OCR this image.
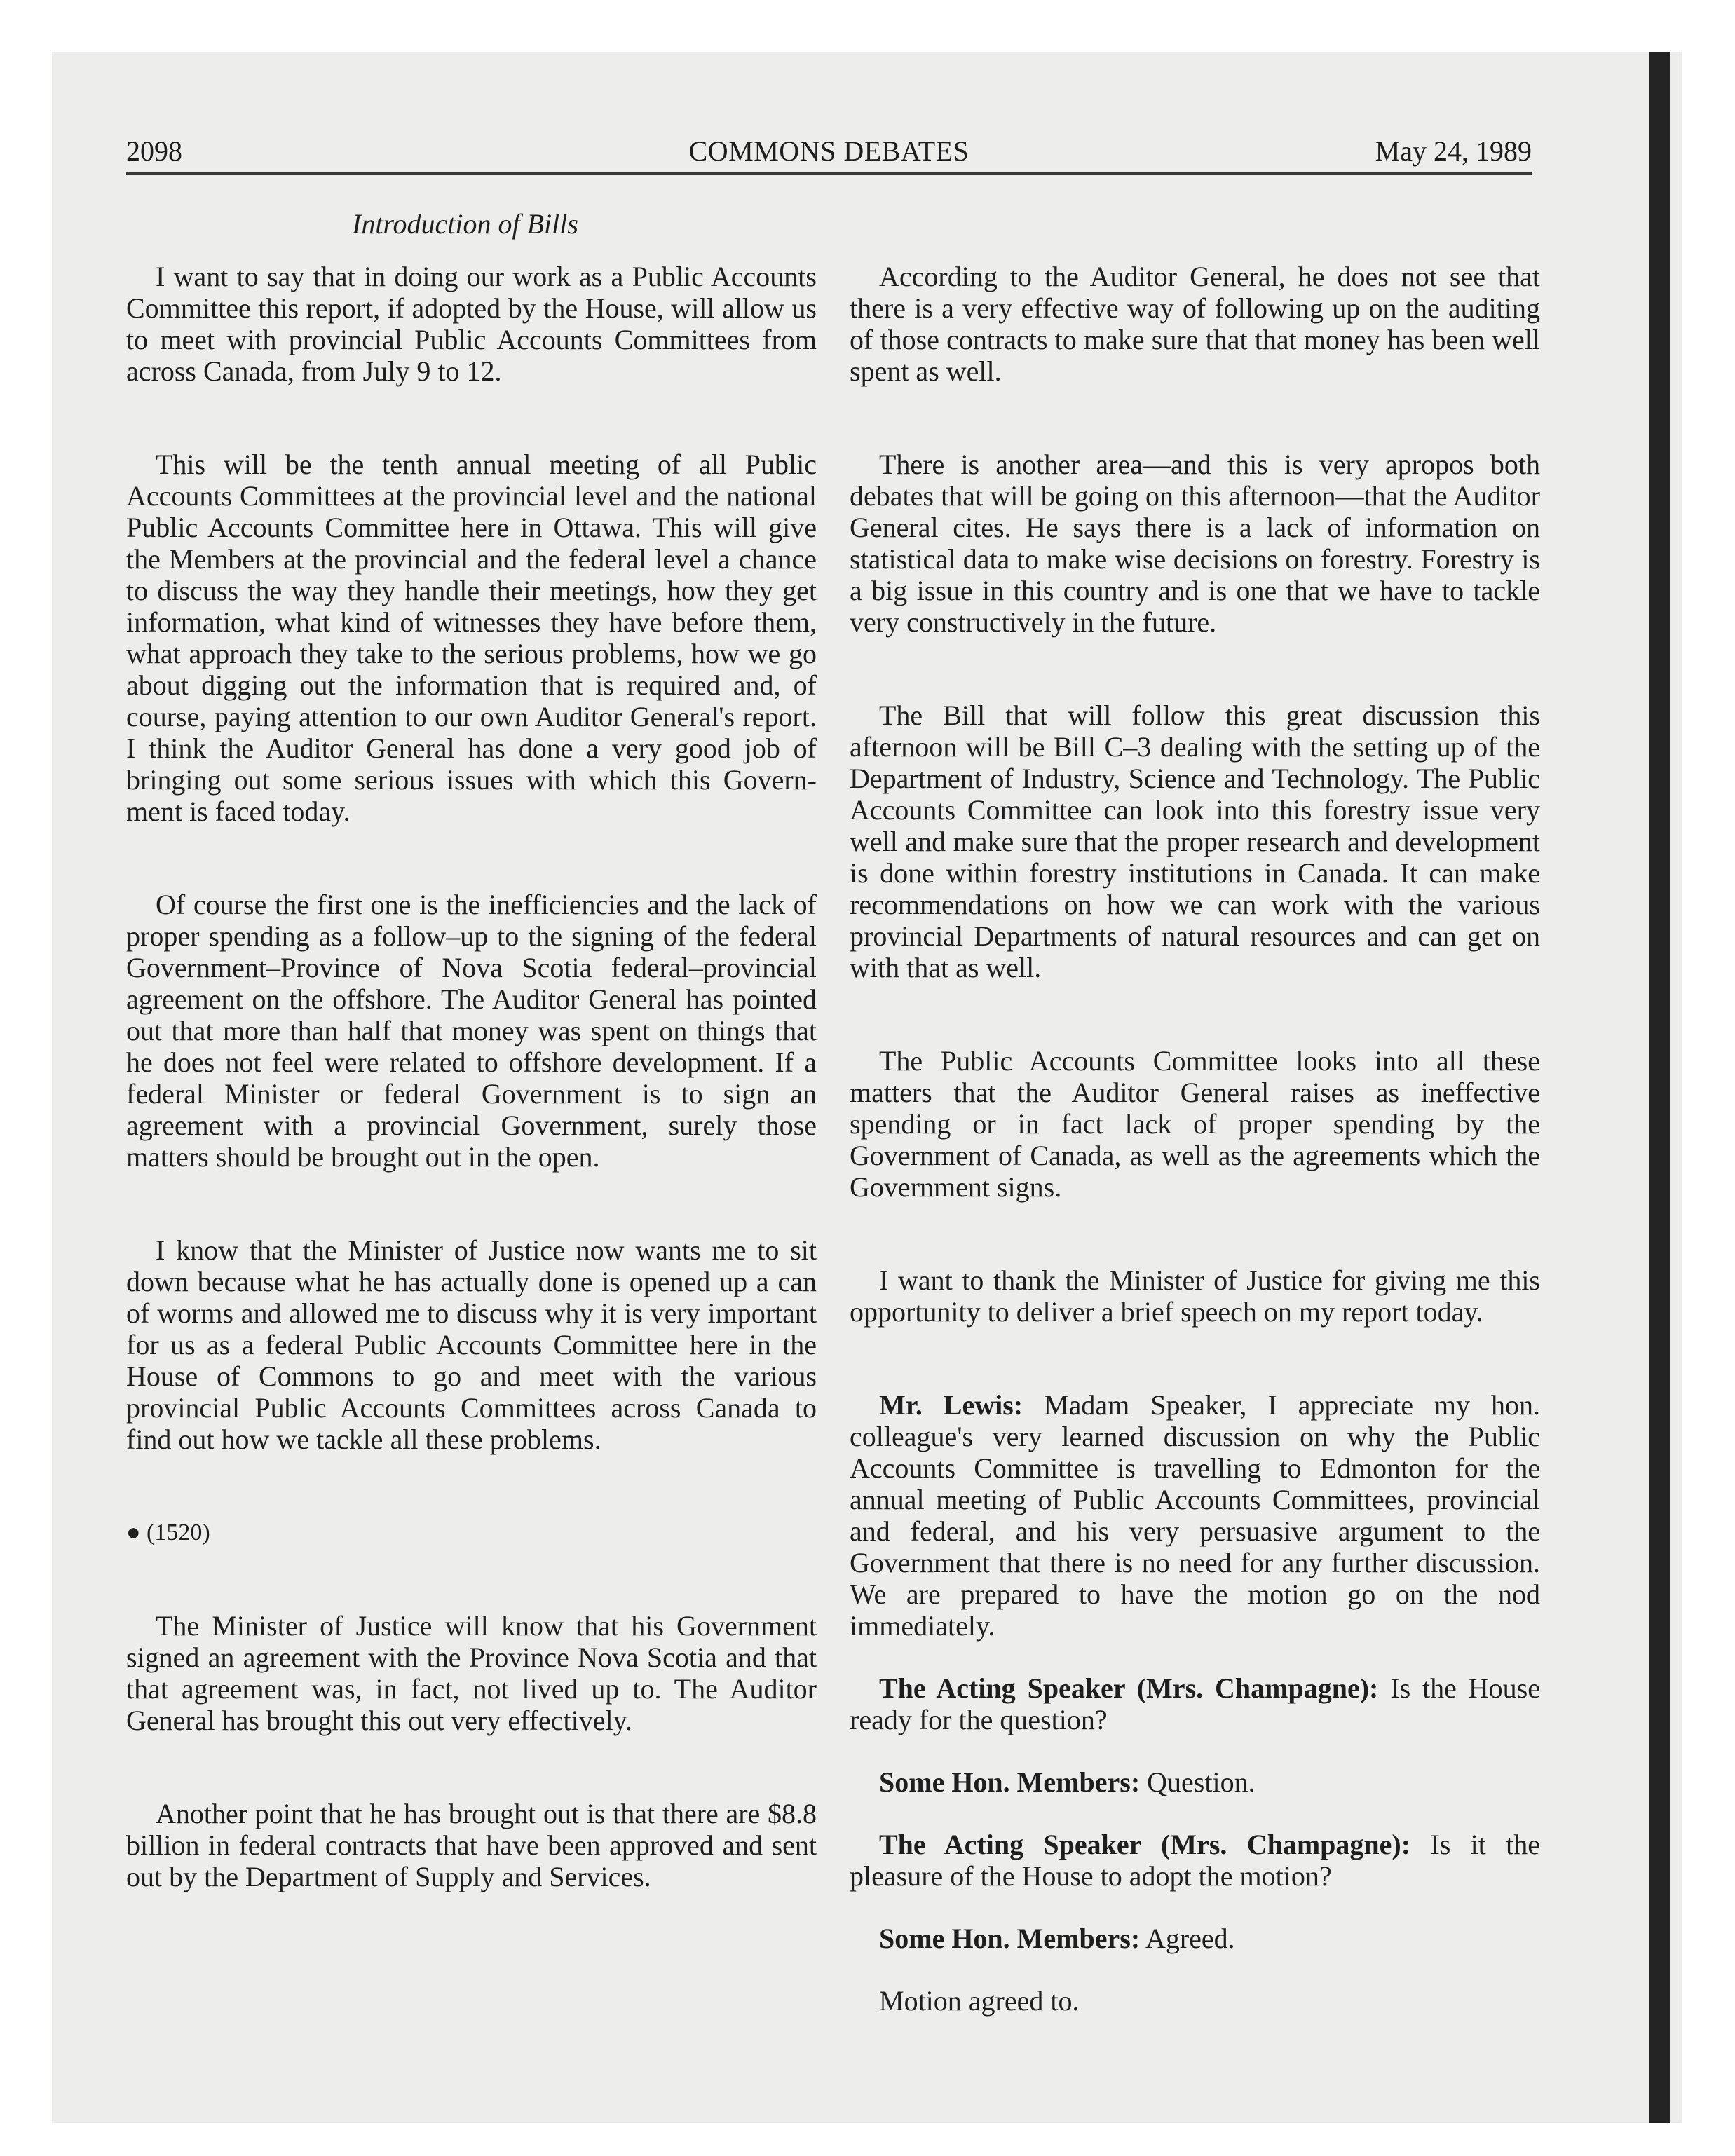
2098	COMMONS DEBATES	May 24, 1989
Introduction of Bills

I want to say that in doing our work as a Public Accounts Committee this report, if adopted by the House, will allow us to meet with provincial Public Accounts Committees from across Canada, from July 9 to 12.

This will be the tenth annual meeting of all Public Accounts Committees at the provincial level and the national Public Accounts Committee here in Ottawa. This will give the Members at the provincial and the federal level a chance to discuss the way they handle their meetings, how they get information, what kind of witnesses they have before them, what approach they take to the serious problems, how we go about digging out the information that is required and, of course, paying attention to our own Auditor General's report. I think the Auditor General has done a very good job of bringing out some serious issues with which this Government is faced today.

Of course the first one is the inefficiencies and the lack of proper spending as a follow–up to the signing of the federal Government–Province of Nova Scotia federal–provincial agreement on the offshore. The Auditor General has pointed out that more than half that money was spent on things that he does not feel were related to offshore development. If a federal Minister or federal Government is to sign an agreement with a provincial Government, surely those matters should be brought out in the open.

I know that the Minister of Justice now wants me to sit down because what he has actually done is opened up a can of worms and allowed me to discuss why it is very important for us as a federal Public Accounts Committee here in the House of Commons to go and meet with the various provincial Public Accounts Committees across Canada to find out how we tackle all these problems.

● (1520)

The Minister of Justice will know that his Government signed an agreement with the Province Nova Scotia and that that agreement was, in fact, not lived up to. The Auditor General has brought this out very effectively.

Another point that he has brought out is that there are $8.8 billion in federal contracts that have been approved and sent out by the Department of Supply and Services.

According to the Auditor General, he does not see that there is a very effective way of following up on the auditing of those contracts to make sure that that money has been well spent as well.

There is another area—and this is very apropos both debates that will be going on this afternoon—that the Auditor General cites. He says there is a lack of information on statistical data to make wise decisions on forestry. Forestry is a big issue in this country and is one that we have to tackle very constructively in the future.

The Bill that will follow this great discussion this afternoon will be Bill C–3 dealing with the setting up of the Department of Industry, Science and Technology. The Public Accounts Committee can look into this forestry issue very well and make sure that the proper research and development is done within forestry institutions in Canada. It can make recommendations on how we can work with the various provincial Departments of natural resources and can get on with that as well.

The Public Accounts Committee looks into all these matters that the Auditor General raises as ineffective spending or in fact lack of proper spending by the Government of Canada, as well as the agreements which the Government signs.

I want to thank the Minister of Justice for giving me this opportunity to deliver a brief speech on my report today.

Mr. Lewis: Madam Speaker, I appreciate my hon. colleague's very learned discussion on why the Public Accounts Committee is travelling to Edmonton for the annual meeting of Public Accounts Committees, provincial and federal, and his very persuasive argument to the Government that there is no need for any further discussion. We are prepared to have the motion go on the nod immediately.

The Acting Speaker (Mrs. Champagne): Is the House ready for the question?

Some Hon. Members: Question.

The Acting Speaker (Mrs. Champagne): Is it the pleasure of the House to adopt the motion?

Some Hon. Members: Agreed.

Motion agreed to.
